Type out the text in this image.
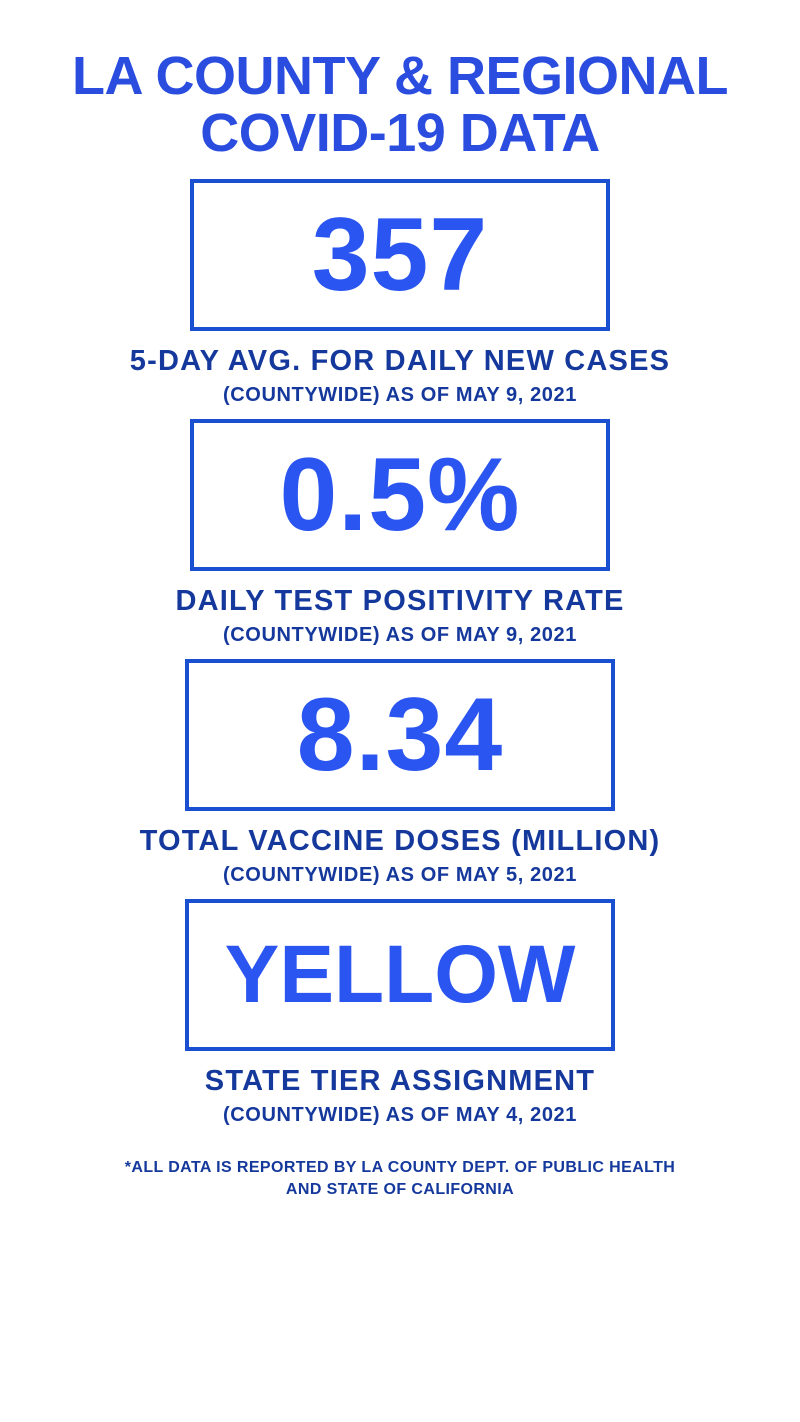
LA COUNTY & REGIONAL
COVID-19 DATA
357
5-DAY AVG. FOR DAILY NEW CASES
(COUNTYWIDE) AS OF MAY 9, 2021
0.5%
DAILY TEST POSITIVITY RATE
(COUNTYWIDE) AS OF MAY 9, 2021
8.34
TOTAL VACCINE DOSES (MILLION)
(COUNTYWIDE) AS OF MAY 5, 2021
YELLOW
STATE TIER ASSIGNMENT
(COUNTYWIDE) AS OF MAY 4, 2021
*ALL DATA IS REPORTED BY LA COUNTY DEPT. OF PUBLIC HEALTH
AND STATE OF CALIFORNIA
